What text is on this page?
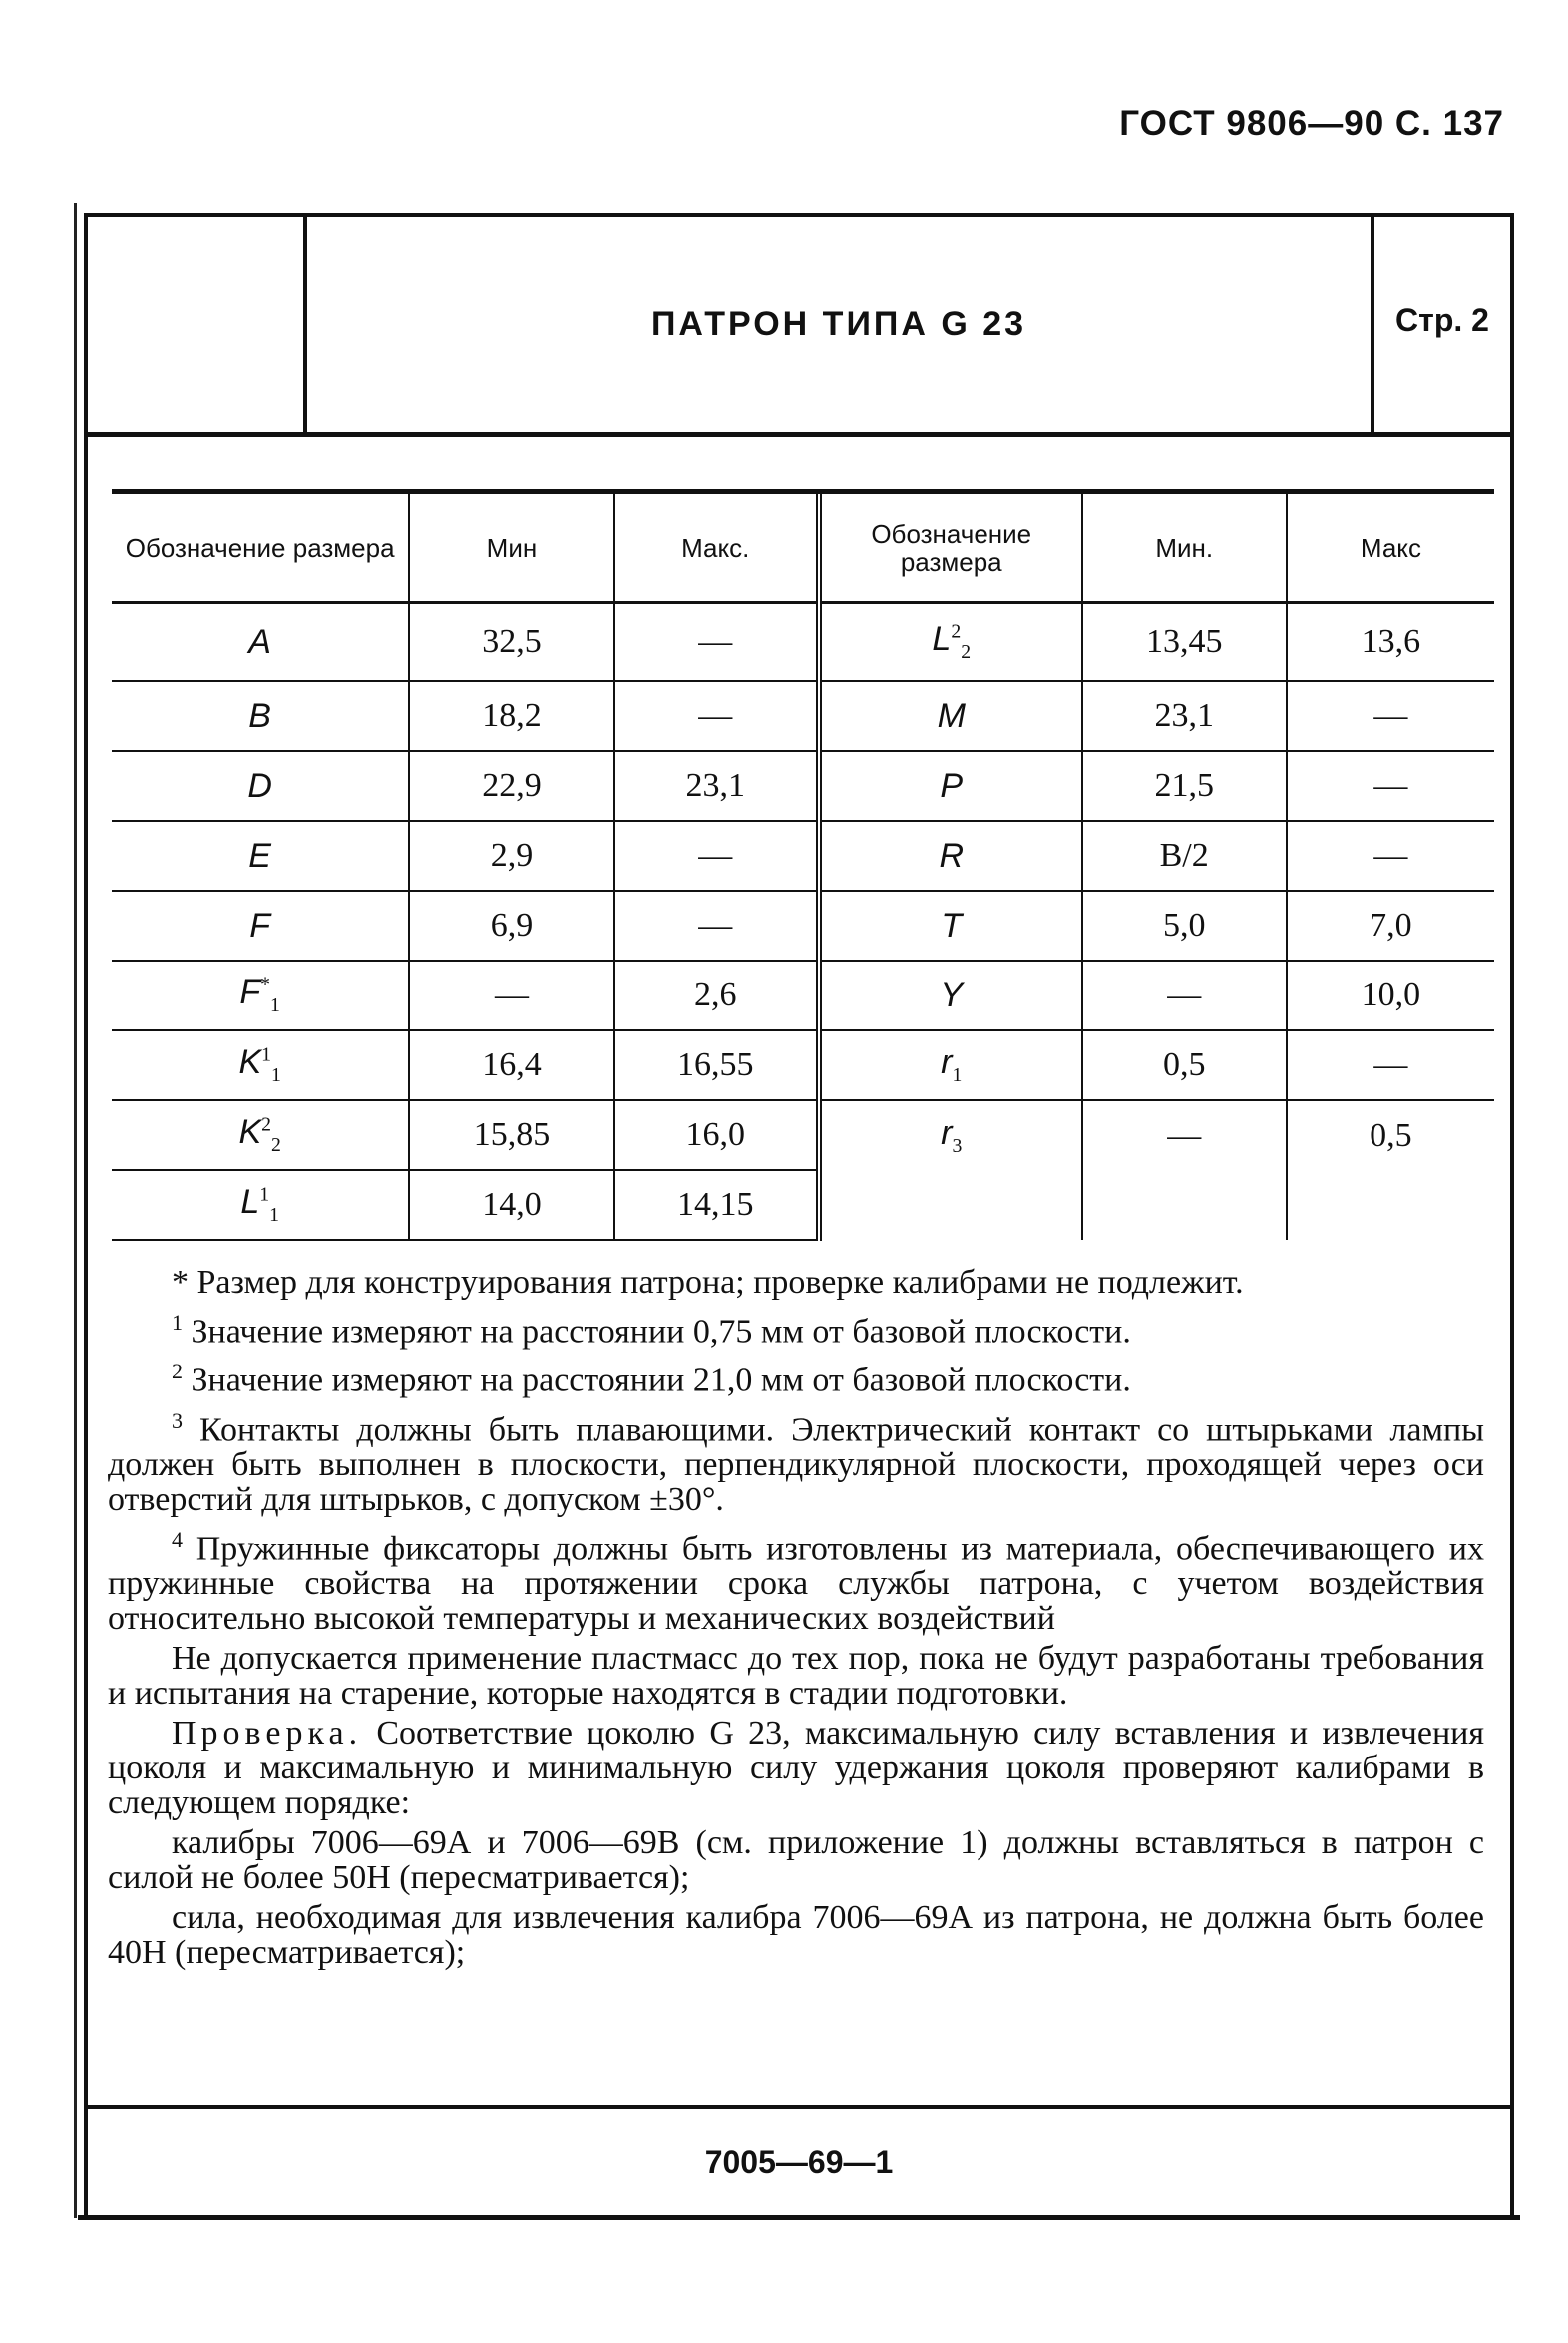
ГОСТ 9806—90 С. 137
ПАТРОН ТИПА G 23	Стр. 2
Обозначение размера	Мин	Макс.	Обозначение размера	Мин.	Макс
A	32,5	—	$L^2_2$	13,45	13,6
B	18,2	—	M	23,1	—
D	22,9	23,1	P	21,5	—
E	2,9	—	R	B/2	—
F	6,9	—	T	5,0	7,0
$F^*_1$	—	2,6	Y	—	10,0
$K^1_1$	16,4	16,55	$r_1$	0,5	—
$K^2_2$	15,85	16,0	$r_3$	—	0,5
$L^1_1$	14,0	14,15			

* Размер для конструирования патрона; проверке калибрами не подлежит.

$^1$ Значение измеряют на расстоянии 0,75 мм от базовой плоскости.

$^2$ Значение измеряют на расстоянии 21,0 мм от базовой плоскости.

$^3$ Контакты должны быть плавающими. Электрический контакт со штырьками лампы должен быть выполнен в плоскости, перпендикулярной плоскости, проходящей через оси отверстий для штырьков, с допуском ±30°.

$^4$ Пружинные фиксаторы должны быть изготовлены из материала, обеспечивающего их пружинные свойства на протяжении срока службы патрона, с учетом воздействия относительно высокой температуры и механических воздействий

Не допускается применение пластмасс до тех пор, пока не будут разработаны требования и испытания на старение, которые находятся в стадии подготовки.

Проверка. Соответствие цоколю G 23, максимальную силу вставления и извлечения цоколя и максимальную и минимальную силу удержания цоколя проверяют калибрами в следующем порядке:

калибры 7006—69А и 7006—69В (см. приложение 1) должны вставляться в патрон с силой не более 50Н (пересматривается);

сила, необходимая для извлечения калибра 7006—69А из патрона, не должна быть более 40Н (пересматривается);

7005—69—1
